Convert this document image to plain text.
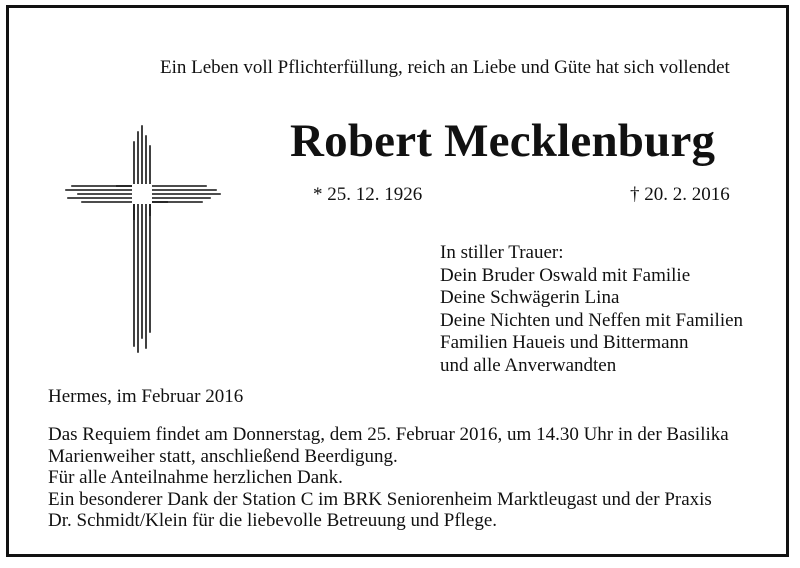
Ein Leben voll Pflichterfüllung, reich an Liebe und Güte hat sich vollendet
Robert Mecklenburg
* 25. 12. 1926	† 20. 2. 2016
In stiller Trauer:
Dein Bruder Oswald mit Familie
Deine Schwägerin Lina
Deine Nichten und Neffen mit Familien
Familien Haueis und Bittermann
und alle Anverwandten
Hermes, im Februar 2016
Das Requiem findet am Donnerstag, dem 25. Februar 2016, um 14.30 Uhr in der Basilika
Marienweiher statt, anschließend Beerdigung.
Für alle Anteilnahme herzlichen Dank.
Ein besonderer Dank der Station C im BRK Seniorenheim Marktleugast und der Praxis
Dr. Schmidt/Klein für die liebevolle Betreuung und Pflege.
